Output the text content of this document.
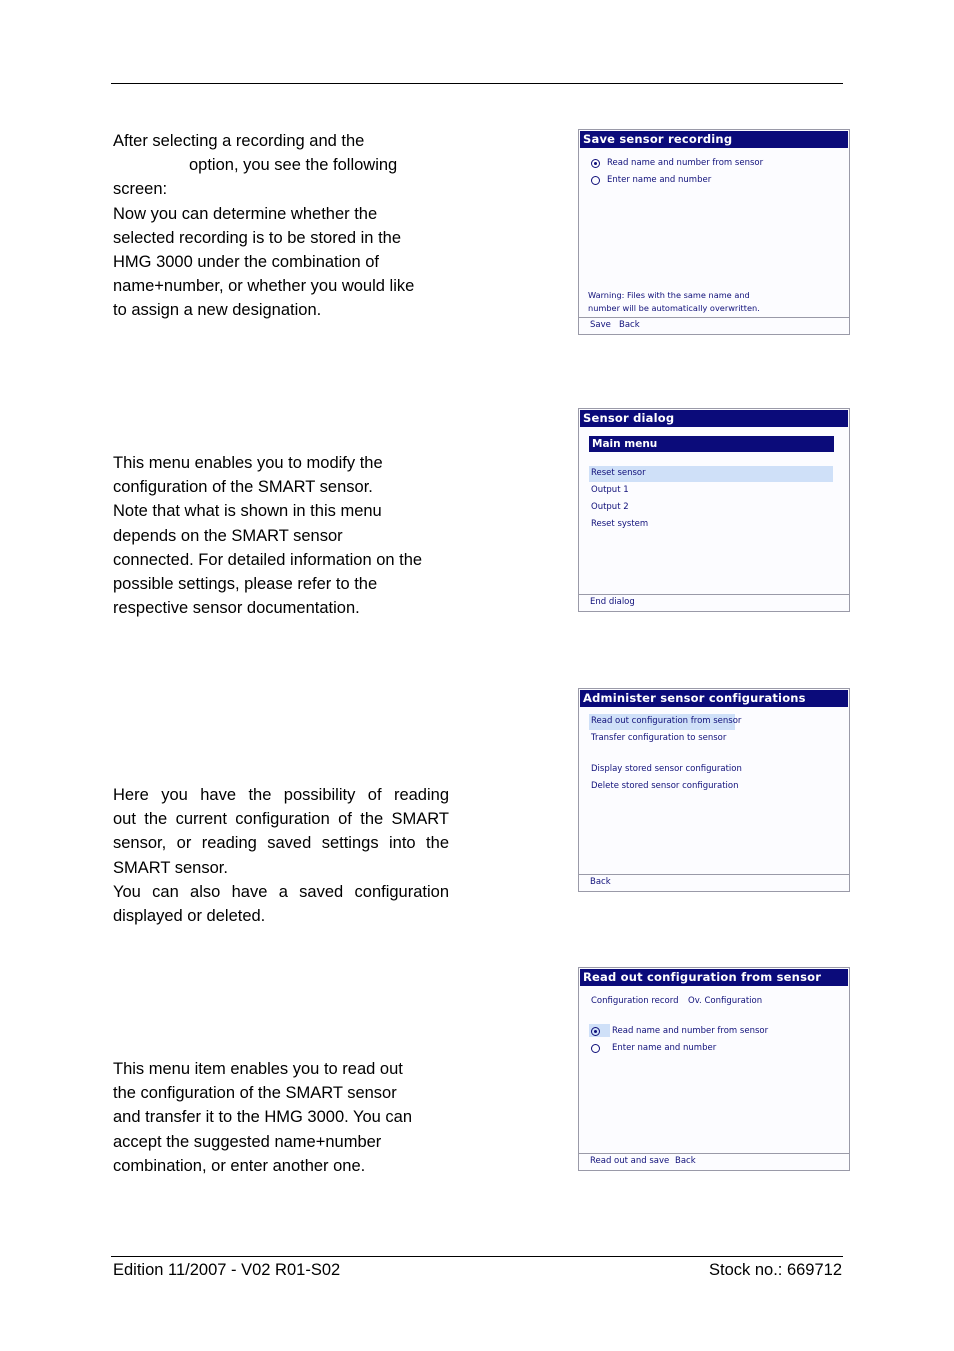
After selecting a recording and the
option, you see the following
screen:
Now you can determine whether the
selected recording is to be stored in the
HMG 3000 under the combination of
name+number, or whether you would like
to assign a new designation.
Save sensor recording
Read name and number from sensor
Enter name and number
Warning: Files with the same name and
number will be automatically overwritten.
Save Back
This menu enables you to modify the
configuration of the SMART sensor.
Note that what is shown in this menu
depends on the SMART sensor
connected. For detailed information on the
possible settings, please refer to the
respective sensor documentation.
Sensor dialog
Main menu
Reset sensor
Output 1
Output 2
Reset system
End dialog
Here you have the possibility of reading
out the current configuration of the SMART
sensor, or reading saved settings into the
SMART sensor.
You can also have a saved configuration
displayed or deleted.
Administer sensor configurations
Read out configuration from sensor
Transfer configuration to sensor
Display stored sensor configuration
Delete stored sensor configuration
Back
This menu item enables you to read out
the configuration of the SMART sensor
and transfer it to the HMG 3000. You can
accept the suggested name+number
combination, or enter another one.
Read out configuration from sensor
Configuration record Ov. Configuration
Read name and number from sensor
Enter name and number
Read out and save Back
Edition 11/2007 - V02 R01-S02	Stock no.: 669712
